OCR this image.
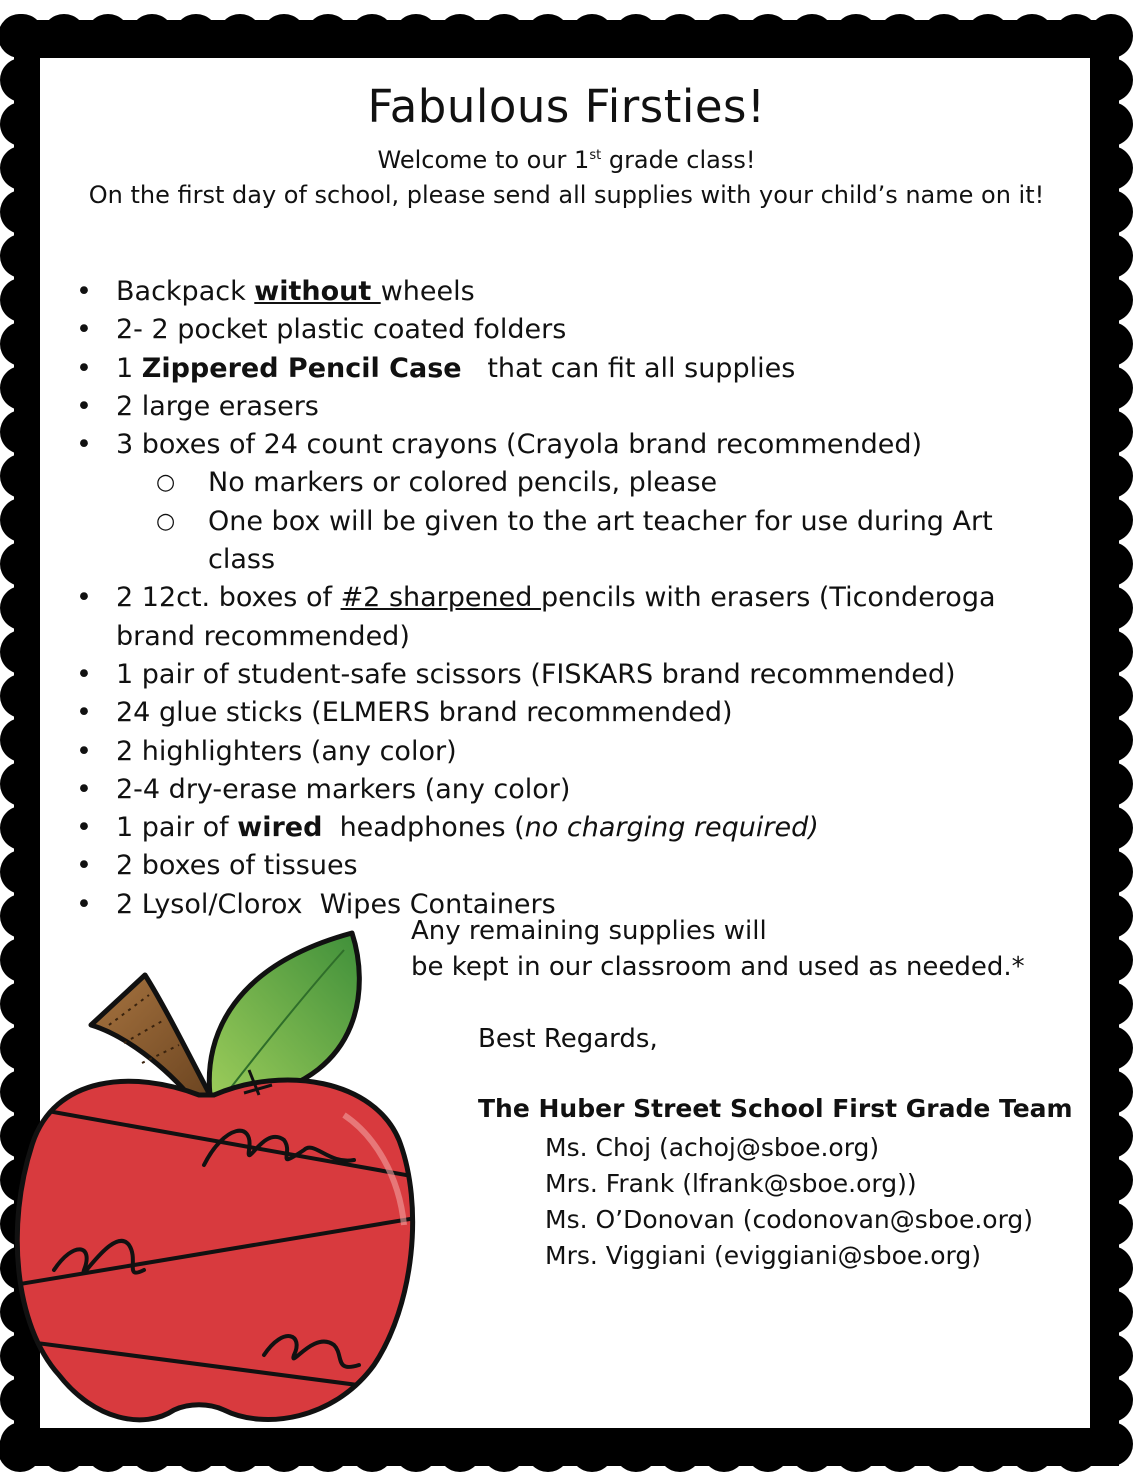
Fabulous Firsties!

Welcome to our 1st grade class!

On the first day of school, please send all supplies with your child’s name on it!

• Backpack without wheels
• 2- 2 pocket plastic coated folders
• 1 Zippered Pencil Case   that can fit all supplies
• 2 large erasers
• 3 boxes of 24 count crayons (Crayola brand recommended)
○ No markers or colored pencils, please
○ One box will be given to the art teacher for use during Art class
• 2 12ct. boxes of #2 sharpened pencils with erasers (Ticonderoga brand recommended)
• 1 pair of student-safe scissors (FISKARS brand recommended)
• 24 glue sticks (ELMERS brand recommended)
• 2 highlighters (any color)
• 2-4 dry-erase markers (any color)
• 1 pair of wired  headphones (no charging required)
• 2 boxes of tissues
• 2 Lysol/Clorox  Wipes Containers

Any remaining supplies will
be kept in our classroom and used as needed.*

Best Regards,

The Huber Street School First Grade Team

Ms. Choj (achoj@sboe.org)
Mrs. Frank (lfrank@sboe.org))
Ms. O’Donovan (codonovan@sboe.org)
Mrs. Viggiani (eviggiani@sboe.org)
